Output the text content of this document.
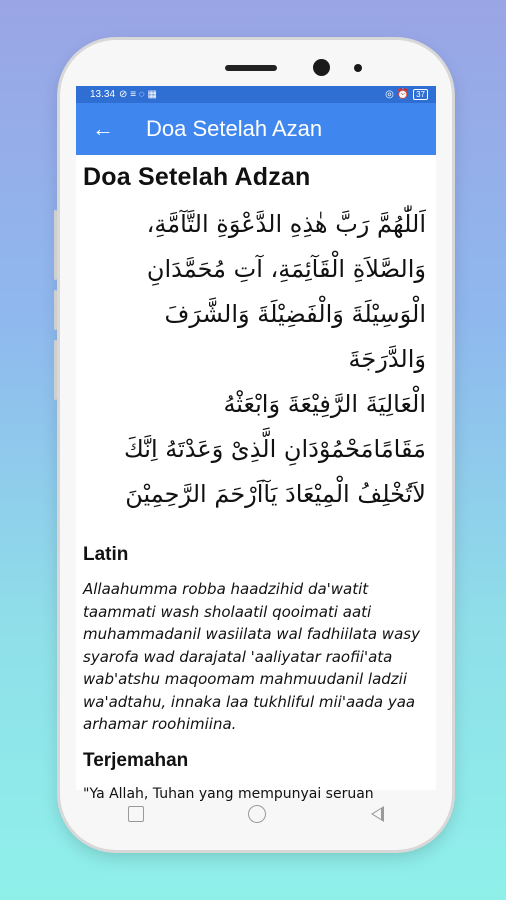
13.34 ⊘ ≡ ◌ ▦	◎ ⏰ 37
← Doa Setelah Azan
Doa Setelah Adzan

اَللّٰهُمَّ رَبَّ هٰذِهِ الدَّعْوَةِ التَّآمَّةِ،

وَالصَّلاَةِ الْقَآئِمَةِ، آتِ مُحَمَّدَانِ

الْوَسِيْلَةَ وَالْفَضِيْلَةَ وَالشَّرَفَ وَالدَّرَجَةَ

الْعَالِيَةَ الرَّفِيْعَةَ وَابْعَثْهُ

مَقَامًامَحْمُوْدَانِ الَّذِىْ وَعَدْتَهُ اِنَّكَ

لاَتُخْلِفُ الْمِيْعَادَ يَآاَرْحَمَ الرَّحِمِيْنَ

Latin

Allaahumma robba haadzihid da'watit taammati wash sholaatil qooimati aati muhammadanil wasiilata wal fadhiilata wasy syarofa wad darajatal 'aaliyatar raofii'ata wab'atshu maqoomam mahmuudanil ladzii wa'adtahu, innaka laa tukhliful mii'aada yaa arhamar roohimiina.

Terjemahan

"Ya Allah, Tuhan yang mempunyai seruan
